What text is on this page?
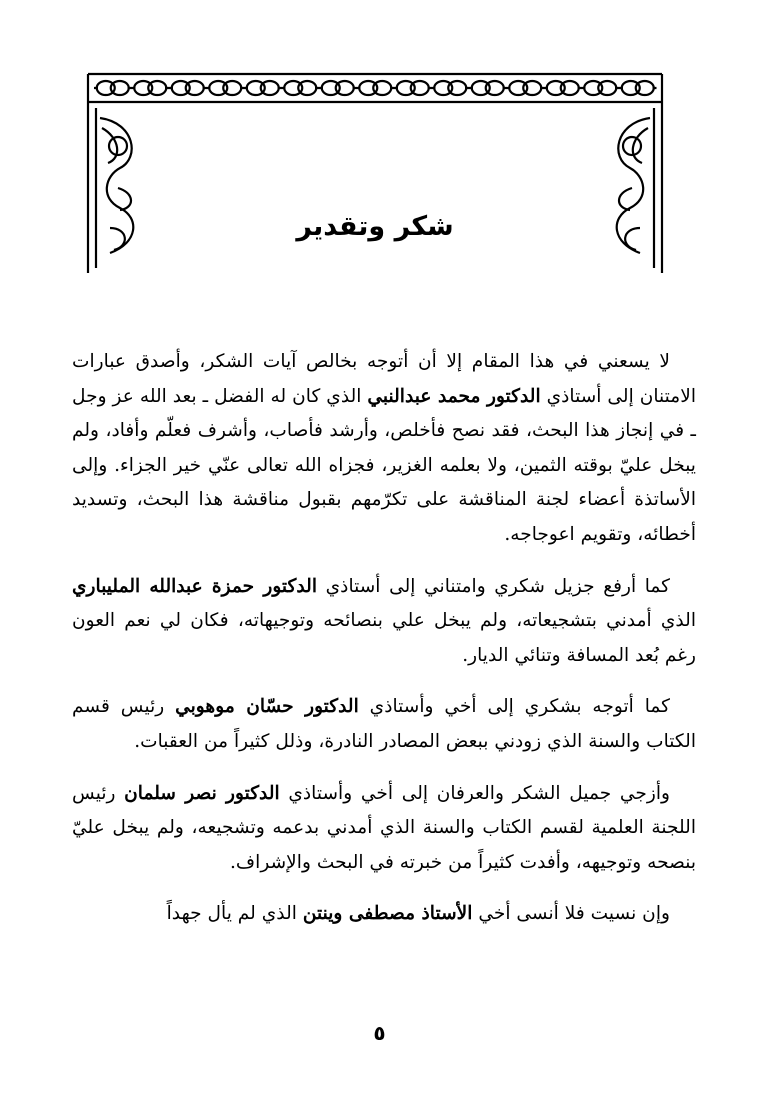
شكر وتقدير

لا يسعني في هذا المقام إلا أن أتوجه بخالص آيات الشكر، وأصدق عبارات الامتنان إلى أستاذي الدكتور محمد عبدالنبي الذي كان له الفضل ـ بعد الله عز وجل ـ في إنجاز هذا البحث، فقد نصح فأخلص، وأرشد فأصاب، وأشرف فعلّم وأفاد، ولم يبخل عليّ بوقته الثمين، ولا بعلمه الغزير، فجزاه الله تعالى عنّي خير الجزاء. وإلى الأساتذة أعضاء لجنة المناقشة على تكرّمهم بقبول مناقشة هذا البحث، وتسديد أخطائه، وتقويم اعوجاجه.

كما أرفع جزيل شكري وامتناني إلى أستاذي الدكتور حمزة عبدالله المليباري الذي أمدني بتشجيعاته، ولم يبخل علي بنصائحه وتوجيهاته، فكان لي نعم العون رغم بُعد المسافة وتنائي الديار.

كما أتوجه بشكري إلى أخي وأستاذي الدكتور حسّان موهوبي رئيس قسم الكتاب والسنة الذي زودني ببعض المصادر النادرة، وذلل كثيراً من العقبات.

وأزجي جميل الشكر والعرفان إلى أخي وأستاذي الدكتور نصر سلمان رئيس اللجنة العلمية لقسم الكتاب والسنة الذي أمدني بدعمه وتشجيعه، ولم يبخل عليّ بنصحه وتوجيهه، وأفدت كثيراً من خبرته في البحث والإشراف.

وإن نسيت فلا أنسى أخي الأستاذ مصطفى وينتن الذي لم يأل جهداً

٥
